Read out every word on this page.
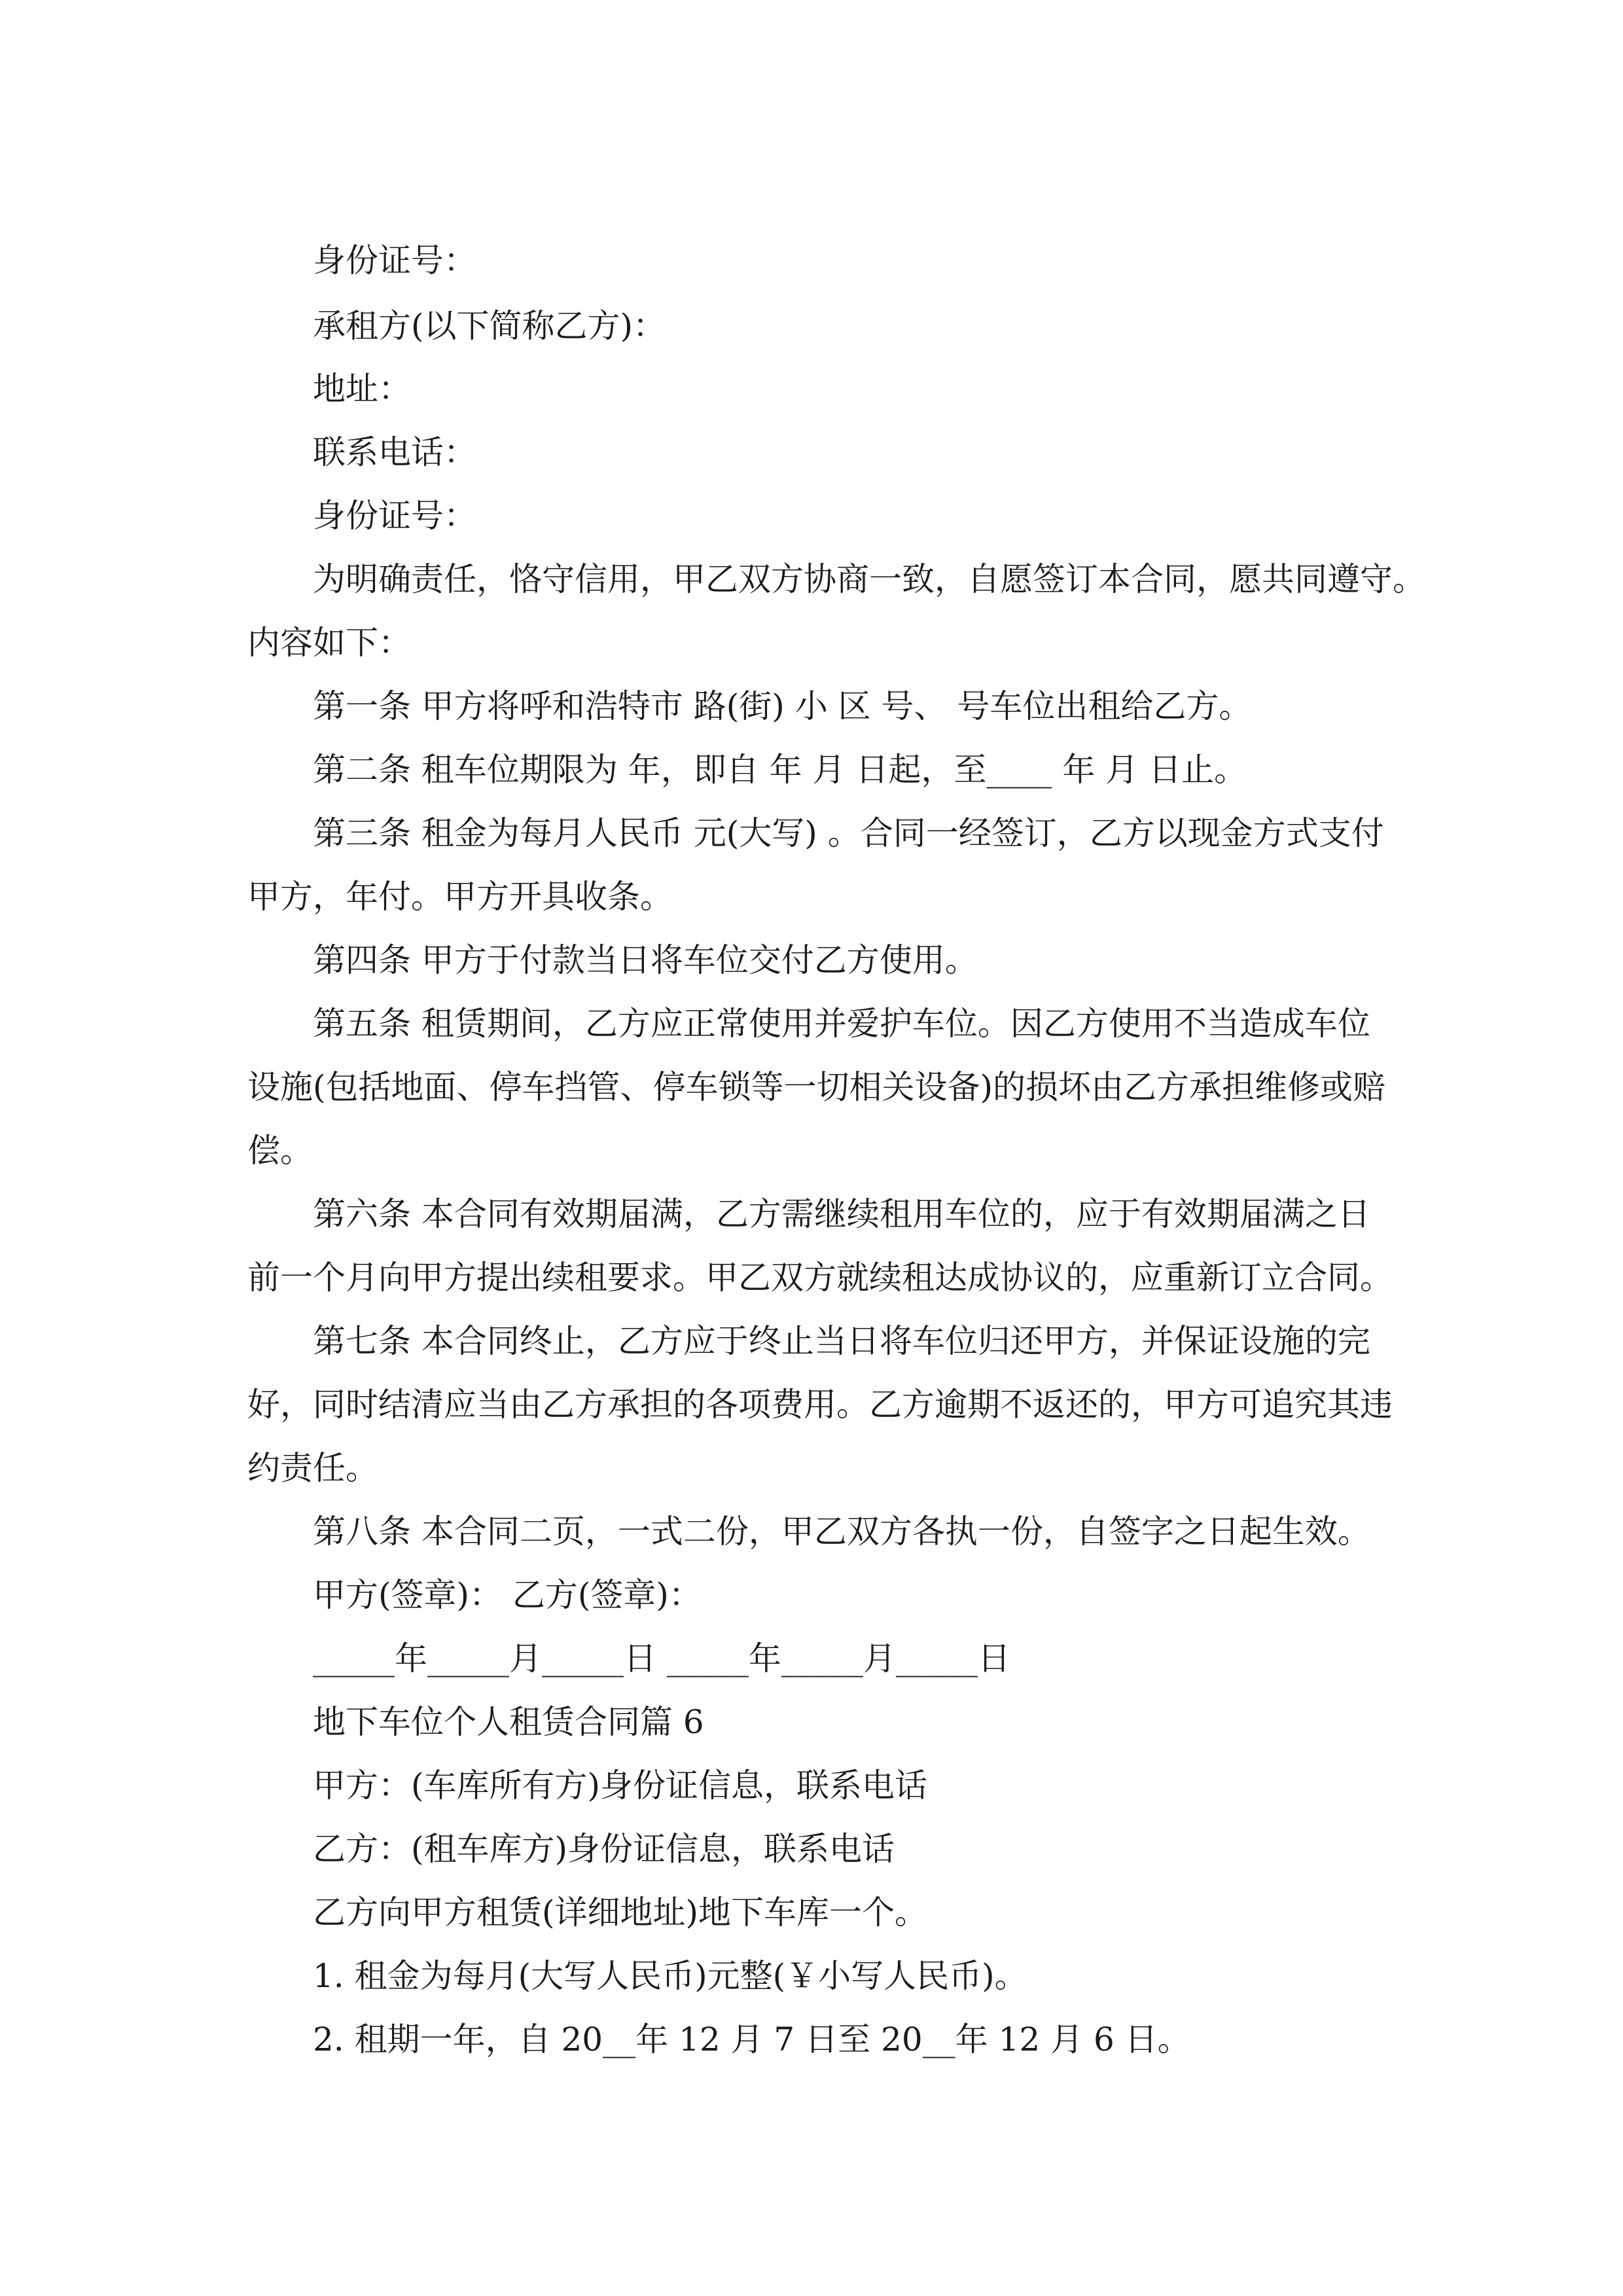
身份证号：

承租方(以下简称乙方)：

地址：

联系电话：

身份证号：

为明确责任，恪守信用，甲乙双方协商一致，自愿签订本合同，愿共同遵守。
内容如下：

第一条 甲方将呼和浩特市 路(街) 小 区 号、 号车位出租给乙方。

第二条 租车位期限为 年，即自 年 月 日起，至____ 年 月 日止。

第三条 租金为每月人民币 元(大写) 。合同一经签订，乙方以现金方式支付
甲方，年付。甲方开具收条。

第四条 甲方于付款当日将车位交付乙方使用。

第五条 租赁期间，乙方应正常使用并爱护车位。因乙方使用不当造成车位
设施(包括地面、停车挡管、停车锁等一切相关设备)的损坏由乙方承担维修或赔
偿。

第六条 本合同有效期届满，乙方需继续租用车位的，应于有效期届满之日
前一个月向甲方提出续租要求。甲乙双方就续租达成协议的，应重新订立合同。

第七条 本合同终止，乙方应于终止当日将车位归还甲方，并保证设施的完
好，同时结清应当由乙方承担的各项费用。乙方逾期不返还的，甲方可追究其违
约责任。

第八条 本合同二页，一式二份，甲乙双方各执一份，自签字之日起生效。

甲方(签章)： 乙方(签章)：

_____年_____月_____日 _____年_____月_____日

地下车位个人租赁合同篇 6

甲方：(车库所有方)身份证信息，联系电话

乙方：(租车库方)身份证信息，联系电话

乙方向甲方租赁(详细地址)地下车库一个。

1. 租金为每月(大写人民币)元整(￥小写人民币)。

2. 租期一年，自 20__年 12 月 7 日至 20__年 12 月 6 日。
